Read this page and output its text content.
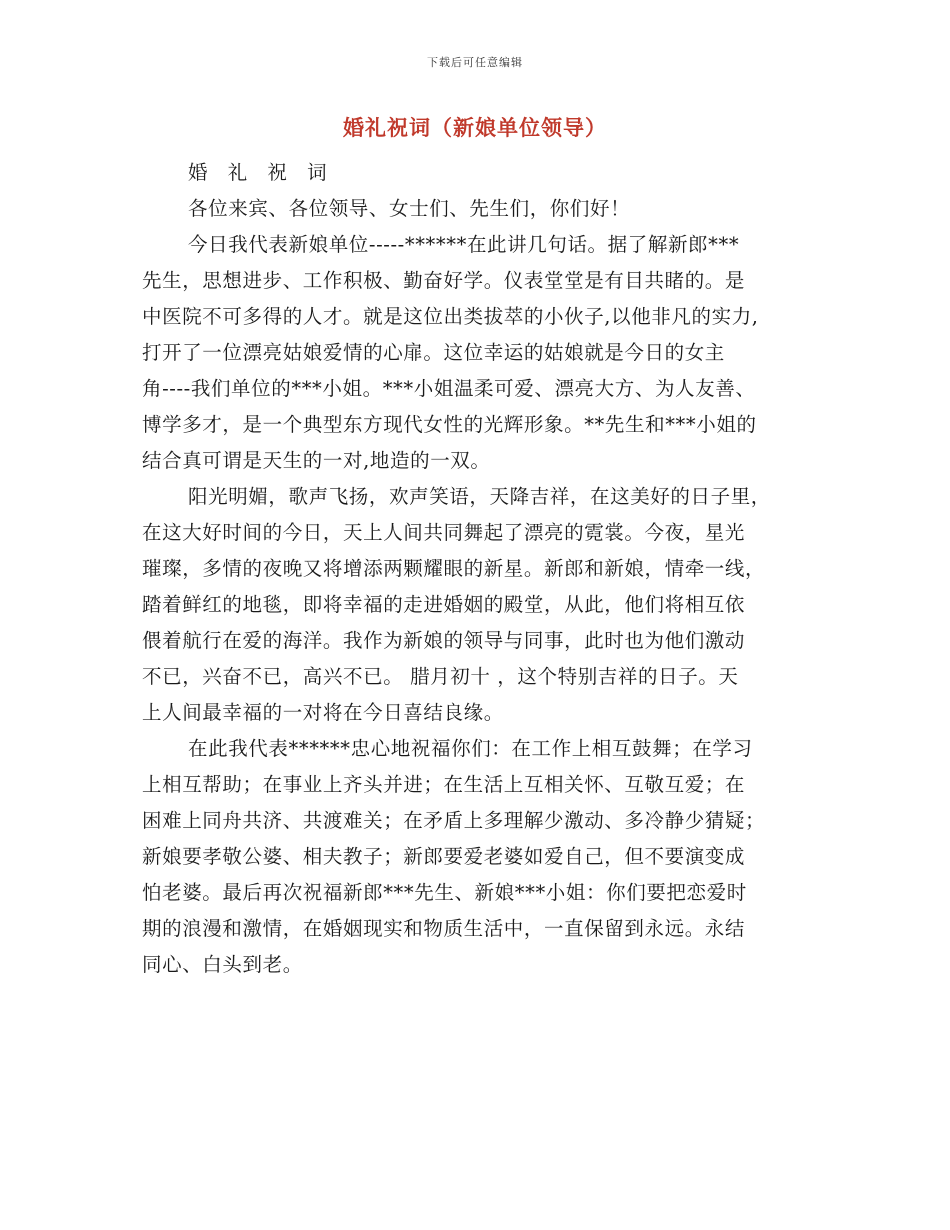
下载后可任意编辑
婚礼祝词（新娘单位领导）
婚 礼 祝 词
各位来宾、各位领导、女士们、先生们，你们好！
今日我代表新娘单位-----******在此讲几句话。据了解新郎***
先生，思想进步、工作积极、勤奋好学。仪表堂堂是有目共睹的。是
中医院不可多得的人才。就是这位出类拔萃的小伙子,以他非凡的实力,
打开了一位漂亮姑娘爱情的心扉。这位幸运的姑娘就是今日的女主
角----我们单位的***小姐。***小姐温柔可爱、漂亮大方、为人友善、
博学多才，是一个典型东方现代女性的光辉形象。**先生和***小姐的
结合真可谓是天生的一对,地造的一双。
阳光明媚，歌声飞扬，欢声笑语，天降吉祥，在这美好的日子里，
在这大好时间的今日，天上人间共同舞起了漂亮的霓裳。今夜，星光
璀璨，多情的夜晚又将增添两颗耀眼的新星。新郎和新娘，情牵一线，
踏着鲜红的地毯，即将幸福的走进婚姻的殿堂，从此，他们将相互依
偎着航行在爱的海洋。我作为新娘的领导与同事，此时也为他们激动
不已，兴奋不已，高兴不已。 腊月初十 ，这个特别吉祥的日子。天
上人间最幸福的一对将在今日喜结良缘。
在此我代表******忠心地祝福你们：在工作上相互鼓舞；在学习
上相互帮助；在事业上齐头并进；在生活上互相关怀、互敬互爱；在
困难上同舟共济、共渡难关；在矛盾上多理解少激动、多冷静少猜疑；
新娘要孝敬公婆、相夫教子；新郎要爱老婆如爱自己，但不要演变成
怕老婆。最后再次祝福新郎***先生、新娘***小姐：你们要把恋爱时
期的浪漫和激情，在婚姻现实和物质生活中，一直保留到永远。永结
同心、白头到老。
